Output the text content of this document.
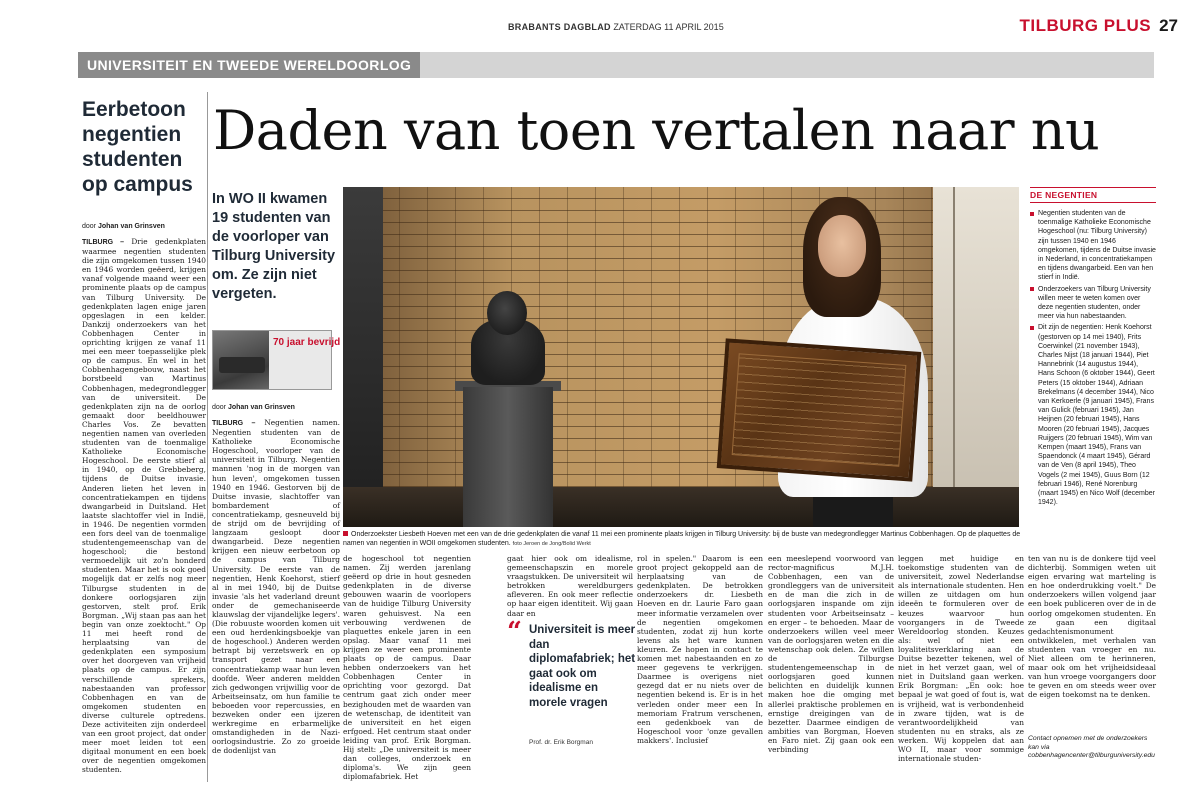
BRABANTS DAGBLAD ZATERDAG 11 APRIL 2015	TILBURG PLUS 27
UNIVERSITEIT EN TWEEDE WERELDOORLOG
Eerbetoon negentien studenten op campus
door Johan van Grinsven
TILBURG – Drie gedenkplaten waarmee negentien studenten die zijn omgekomen tussen 1940 en 1946 worden geëerd, krijgen vanaf volgende maand weer een prominente plaats op de campus van Tilburg University. De gedenkplaten lagen enige jaren opgeslagen in een kelder. Dankzij onderzoekers van het Cobbenhagen Center in oprichting krijgen ze vanaf 11 mei een meer toepasselijke plek op de campus. En wel in het Cobbenhagengebouw, naast het borstbeeld van Martinus Cobbenhagen, medegrondlegger van de universiteit. De gedenkplaten zijn na de oorlog gemaakt door beeldhouwer Charles Vos. Ze bevatten negentien namen van overleden studenten van de toenmalige Katholieke Economische Hogeschool. De eerste stierf al in 1940, op de Grebbeberg, tijdens de Duitse invasie. Anderen lieten het leven in concentratiekampen en tijdens dwangarbeid in Duitsland. Het laatste slachtoffer viel in Indië, in 1946. De negentien vormden een fors deel van de toenmalige studentengemeenschap van de hogeschool; die bestond vermoedelijk uit zo'n honderd studenten. Maar het is ook goed mogelijk dat er zelfs nog meer Tilburgse studenten in de donkere oorlogsjaren zijn gestorven, stelt prof. Erik Borgman. „Wij staan pas aan het begin van onze zoektocht." Op 11 mei heeft rond de herplaatsing van de gedenkplaten een symposium over het doorgeven van vrijheid plaats op de campus. Er zijn verschillende sprekers, nabestaanden van professor Cobbenhagen en van de omgekomen studenten en diverse culturele optredens. Deze activiteiten zijn onderdeel van een groot project, dat onder meer moet leiden tot een digitaal monument en een boek over de negentien omgekomen studenten.
Daden van toen vertalen naar nu
In WO II kwamen 19 studenten van de voorloper van Tilburg University om. Ze zijn niet vergeten.
70 jaar bevrijd
door Johan van Grinsven
TILBURG – Negentien namen. Negentien studenten van de Katholieke Economische Hogeschool, voorloper van de universiteit in Tilburg. Negentien mannen 'nog in de morgen van hun leven', omgekomen tussen 1940 en 1946. Gestorven bij de Duitse invasie, slachtoffer van bombardement of concentratiekamp, gesneuveld bij de strijd om de bevrijding of langzaam gesloopt door dwangarbeid. Deze negentien krijgen een nieuw eerbetoon op de campus van Tilburg University. De eerste van de negentien, Henk Koehorst, stierf al in mei 1940, bij de Duitse invasie 'als het vaderland dreunt onder de gemechaniseerde klauwslag der vijandelijke legers'. (Die robuuste woorden komen uit een oud herdenkingsboekje van de hogeschool.) Anderen werden betrapt bij verzetswerk en op transport gezet naar een concentratiekamp waar hun leven doofde. Weer anderen meldden zich gedwongen vrijwillig voor de Arbeitseinsatz, om hun familie te beboeden voor repercussies, en bezweken onder een ijzeren werkregime en erbarmelijke omstandigheden in de Nazi-oorlogsindustrie. Zo zo groeide de dodenlijst van
Onderzoekster Liesbeth Hoeven met een van de drie gedenkplaten die vanaf 11 mei een prominente plaats krijgen in Tilburg University: bij de buste van medegrondlegger Martinus Cobbenhagen. Op de plaquettes de namen van negentien in WOII omgekomen studenten. foto Jeroen de Jong/Bolid Werkt
DE NEGENTIEN
Negentien studenten van de toenmalige Katholieke Economische Hogeschool (nu: Tilburg University) zijn tussen 1940 en 1946 omgekomen, tijdens de Duitse invasie in Nederland, in concentratiekampen en tijdens dwangarbeid. Een van hen stierf in Indië.
Onderzoekers van Tilburg University willen meer te weten komen over deze negentien studenten, onder meer via hun nabestaanden.
Dit zijn de negentien: Henk Koehorst (gestorven op 14 mei 1940), Frits Coerwinkel (21 november 1943), Charles Nijst (18 januari 1944), Piet Hannebrink (14 augustus 1944), Hans Schoon (6 oktober 1944), Geert Peters (15 oktober 1944), Adriaan Brekelmans (4 december 1944), Nico van Kerkoerle (9 januari 1945), Frans van Gulick (februari 1945), Jan Heijnen (20 februari 1945), Hans Mooren (20 februari 1945), Jacques Ruijgers (20 februari 1945), Wim van Kempen (maart 1945), Frans van Spaendonck (4 maart 1945), Gérard van de Ven (8 april 1945), Theo Vogels (2 mei 1945), Guus Born (12 februari 1946), René Norenburg (maart 1945) en Nico Wolf (december 1942).
de hogeschool tot negentien namen. Zij werden jarenlang geëerd op drie in hout gesneden gedenkplaten in de diverse gebouwen waarin de voorlopers van de huidige Tilburg University waren gehuisvest. Na een verbouwing verdwenen de plaquettes enkele jaren in een opslag. Maar vanaf 11 mei krijgen ze weer een prominente plaats op de campus. Daar hebben onderzoekers van het Cobbenhagen Center in oprichting voor gezorgd. Dat centrum gaat zich onder meer bezighouden met de waarden van de wetenschap, de identiteit van de universiteit en het eigen erfgoed. Het centrum staat onder leiding van prof. Erik Borgman. Hij stelt: „De universiteit is meer dan colleges, onderzoek en diploma's. We zijn geen diplomafabriek. Het
gaat hier ook om idealisme, gemeenschapszin en morele vraagstukken. De universiteit wil betrokken wereldburgers afleveren. En ook meer reflectie op haar eigen identiteit. Wij gaan daar en
“ Universiteit is meer dan diplomafabriek; het gaat ook om idealisme en morele vragen
Prof. dr. Erik Borgman
rol in spelen." Daarom is een groot project gekoppeld aan de herplaatsing van de gedenkplaten. De betrokken onderzoekers dr. Liesbeth Hoeven en dr. Laurie Faro gaan meer informatie verzamelen over de negentien omgekomen studenten, zodat zij hun korte levens als het ware kunnen kleuren. Ze hopen in contact te komen met nabestaanden en zo meer gegevens te verkrijgen. Daarmee is overigens niet gezegd dat er nu niets over de negentien bekend is. Er is in het verleden onder meer een In memoriam Fratrum verschenen, een gedenkboek van de Hogeschool voor 'onze gevallen makkers'. Inclusief
een meeslepend voorwoord van rector-magnificus M.J.H. Cobbenhagen, een van de grondleggers van de universiteit en de man die zich in de oorlogsjaren inspande om zijn studenten voor Arbeitseinsatz – en erger – te behoeden. Maar de onderzoekers willen veel meer van de oorlogsjaren weten en die wetenschap ook delen. Ze willen de Tilburgse studentengemeenschap in de oorlogsjaren goed kunnen belichten en duidelijk kunnen maken hoe die omging met allerlei praktische problemen en ernstige dreigingen van de bezetter. Daarmee eindigen de ambities van Borgman, Hoeven en Faro niet. Zij gaan ook een verbinding
leggen met huidige en toekomstige studenten van de universiteit, zowel Nederlandse als internationale studenten. Hen willen ze uitdagen om hun ideeën te formuleren over de keuzes waarvoor hun voorgangers in de Tweede Wereldoorlog stonden. Keuzes als: wel of niet een loyaliteitsverklaring aan de Duitse bezetter tekenen, wel of niet in het verzet gaan, wel of niet in Duitsland gaan werken. Erik Borgman: „En ook: hoe bepaal je wat goed of fout is, wat is vrijheid, wat is verbondenheid in zware tijden, wat is de verantwoordelijkheid van studenten nu en straks, als ze werken. Wij koppelen dat aan WO II, maar voor sommige internationale studen-
ten van nu is de donkere tijd veel dichterbij. Sommigen weten uit eigen ervaring wat marteling is en hoe onderdrukking voelt." De onderzoekers willen volgend jaar een boek publiceren over de in de oorlog omgekomen studenten. En ze gaan een digitaal gedachtenismonument ontwikkelen, met verhalen van studenten van vroeger en nu. Niet alleen om te herinneren, maar ook om het vrijheidsideaal van hun vroege voorgangers door te geven en om steeds weer over de eigen toekomst na te denken.
Contact opnemen met de onderzoekers kan via cobbenhagencenter@tilburguniversity.edu
